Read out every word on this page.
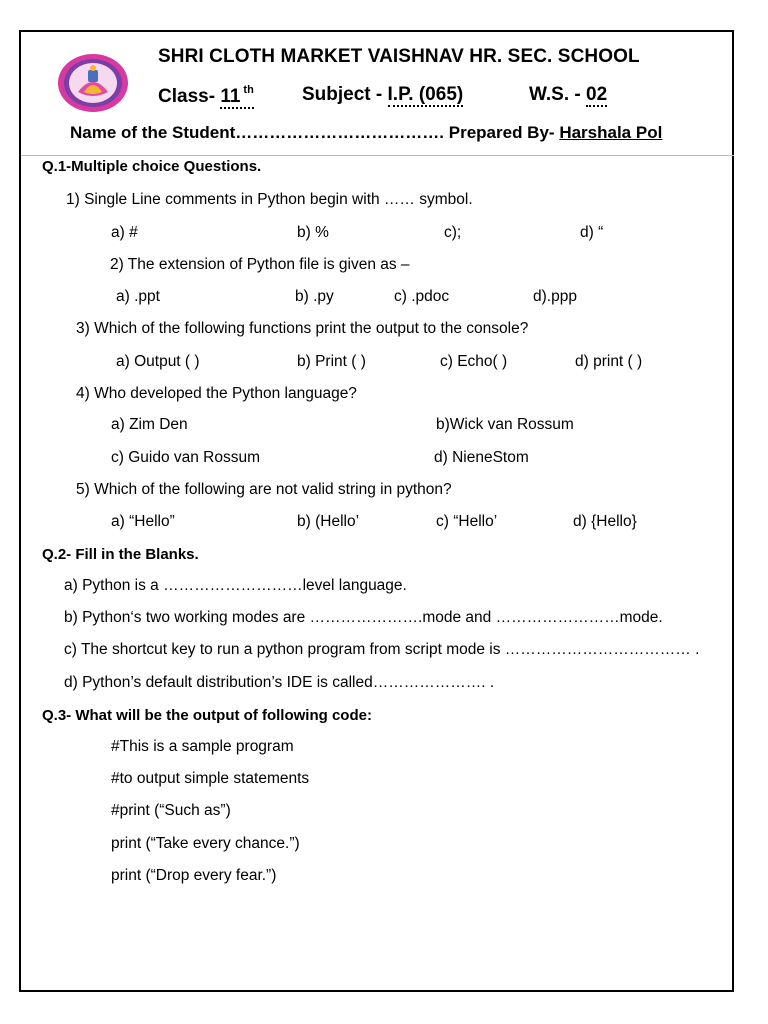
SHRI CLOTH MARKET VAISHNAV HR. SEC. SCHOOL
Class- 11 $^{th}$	Subject - I.P. (065)	W.S. - 02
Name of the Student………………………………. Prepared By- Harshala Pol
Q.1-Multiple choice Questions.
1) Single Line comments in Python begin with …… symbol.
a) #	b) %	c);	d) “
2) The extension of Python file is given as –
a) .ppt	b) .py	c) .pdoc	d).ppp
3) Which of the following functions print the output to the console?
a) Output ( )	b) Print ( )	c) Echo( )	d) print ( )
4) Who developed the Python language?
a) Zim Den	b)Wick van Rossum
c) Guido van Rossum	d) NieneStom
5) Which of the following are not valid string in python?
a) “Hello”	b) (Hello’	c) “Hello’	d) {Hello}
Q.2- Fill in the Blanks.
a) Python is a ………………………level language.
b) Python‘s two working modes are ………………….mode and ……………………mode.
c) The shortcut key to run a python program from script mode is ……………………………… .
d) Python’s default distribution’s IDE is called…………………. .
Q.3- What will be the output of following code:
#This is a sample program
#to output simple statements
#print (“Such as”)
print (“Take every chance.”)
print (“Drop every fear.”)
